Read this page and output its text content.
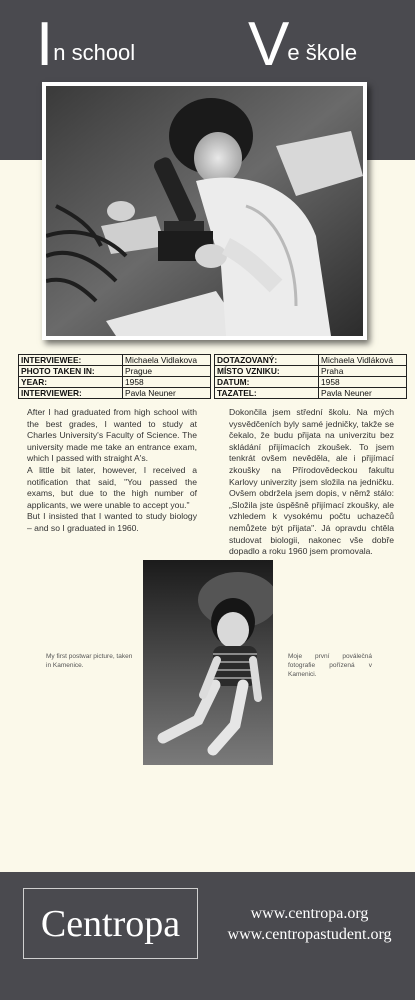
In school Ve škole
INTERVIEWEE:	Michaela Vidlakova
PHOTO TAKEN IN:	Prague
YEAR:	1958
INTERVIEWER:	Pavla Neuner
DOTAZOVANÝ:	Michaela Vidláková
MÍSTO VZNIKU:	Praha
DATUM:	1958
TAZATEL:	Pavla Neuner

After I had graduated from high school with the best grades, I wanted to study at Charles University's Faculty of Science. The university made me take an entrance exam, which I passed with straight A's.

A little bit later, however, I received a notification that said, "You passed the exams, but due to the high number of applicants, we were unable to accept you."

But I insisted that I wanted to study biology – and so I graduated in 1960.

Dokončila jsem střední školu. Na mých vysvědčeních byly samé jedničky, takže se čekalo, že budu přijata na univerzitu bez skládání přijímacích zkoušek. To jsem tenkrát ovšem nevěděla, ale i přijímací zkoušky na Přírodovědeckou fakultu Karlovy univerzity jsem složila na jedničku. Ovšem obdržela jsem dopis, v němž stálo: „Složila jste úspěšně přijímací zkoušky, ale vzhledem k vysokému počtu uchazečů nemůžete být přijata". Já opravdu chtěla studovat biologii, nakonec vše dobře dopadlo a roku 1960 jsem promovala.

My first postwar picture, taken in Kamenice.
Moje první poválečná fotografie pořízená v Kamenici.
Centropa	www.centropa.org
www.centropastudent.org
